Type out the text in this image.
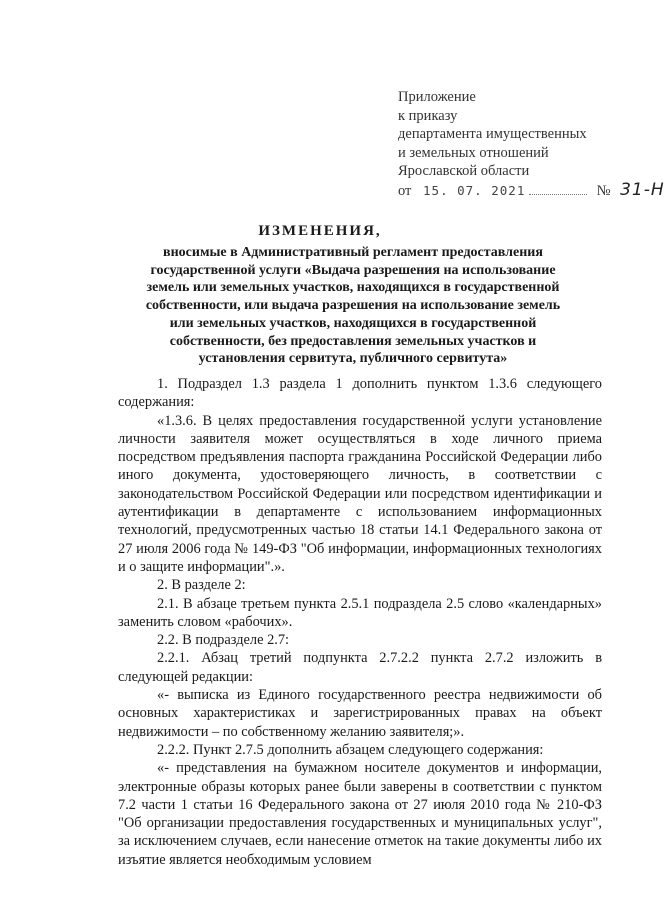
Приложение
к приказу
департамента имущественных
и земельных отношений
Ярославской области
от 15. 07. 2021	№ 31-Н
ИЗМЕНЕНИЯ,
вносимые в Административный регламент предоставления государственной услуги «Выдача разрешения на использование земель или земельных участков, находящихся в государственной собственности, или выдача разрешения на использование земель или земельных участков, находящихся в государственной собственности, без предоставления земельных участков и установления сервитута, публичного сервитута»

1. Подраздел 1.3 раздела 1 дополнить пунктом 1.3.6 следующего содержания:

«1.3.6. В целях предоставления государственной услуги установление личности заявителя может осуществляться в ходе личного приема посредством предъявления паспорта гражданина Российской Федерации либо иного документа, удостоверяющего личность, в соответствии с законодательством Российской Федерации или посредством идентификации и аутентификации в департаменте с использованием информационных технологий, предусмотренных частью 18 статьи 14.1 Федерального закона от 27 июля 2006 года № 149-ФЗ "Об информации, информационных технологиях и о защите информации".».

2. В разделе 2:

2.1. В абзаце третьем пункта 2.5.1 подраздела 2.5 слово «календарных» заменить словом «рабочих».

2.2. В подразделе 2.7:

2.2.1. Абзац третий подпункта 2.7.2.2 пункта 2.7.2 изложить в следующей редакции:

«- выписка из Единого государственного реестра недвижимости об основных характеристиках и зарегистрированных правах на объект недвижимости – по собственному желанию заявителя;».

2.2.2. Пункт 2.7.5 дополнить абзацем следующего содержания:

«- представления на бумажном носителе документов и информации, электронные образы которых ранее были заверены в соответствии с пунктом 7.2 части 1 статьи 16 Федерального закона от 27 июля 2010 года № 210-ФЗ "Об организации предоставления государственных и муниципальных услуг", за исключением случаев, если нанесение отметок на такие документы либо их изъятие является необходимым условием
